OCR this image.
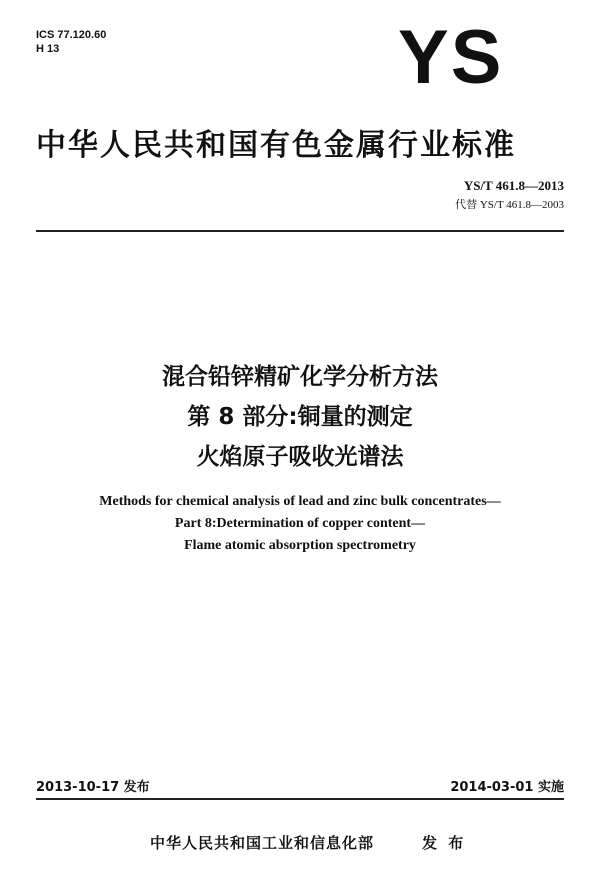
ICS 77.120.60
H 13	YS
中华人民共和国有色金属行业标准
YS/T 461.8—2013
代替 YS/T 461.8—2003
混合铅锌精矿化学分析方法
第 8 部分:铜量的测定
火焰原子吸收光谱法
Methods for chemical analysis of lead and zinc bulk concentrates—
Part 8:Determination of copper content—
Flame atomic absorption spectrometry
2013-10-17 发布	2014-03-01 实施
中华人民共和国工业和信息化部	发 布
